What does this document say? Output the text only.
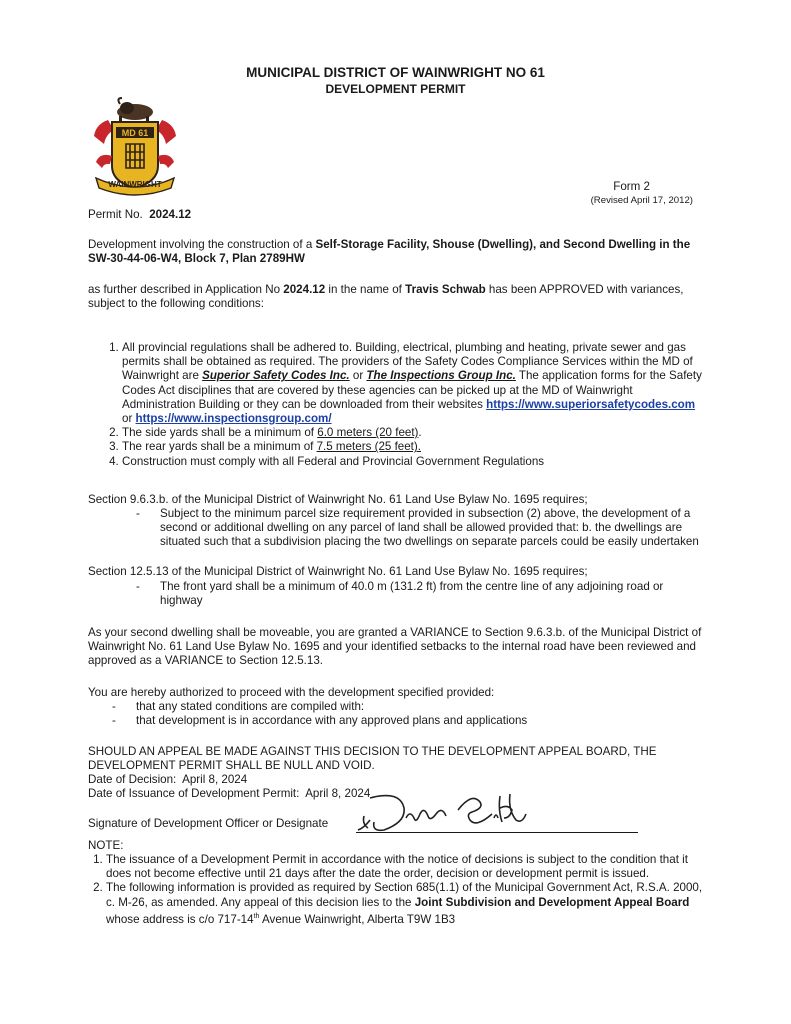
MUNICIPAL DISTRICT OF WAINWRIGHT NO 61
DEVELOPMENT PERMIT
MD 61
WAINWRIGHT	Form 2
(Revised April 17, 2012)
Permit No. 2024.12
Development involving the construction of a Self-Storage Facility, Shouse (Dwelling), and Second Dwelling in the SW-30-44-06-W4, Block 7, Plan 2789HW
as further described in Application No 2024.12 in the name of Travis Schwab has been APPROVED with variances, subject to the following conditions:
1. All provincial regulations shall be adhered to. Building, electrical, plumbing and heating, private sewer and gas permits shall be obtained as required. The providers of the Safety Codes Compliance Services within the MD of Wainwright are Superior Safety Codes Inc. or The Inspections Group Inc. The application forms for the Safety Codes Act disciplines that are covered by these agencies can be picked up at the MD of Wainwright Administration Building or they can be downloaded from their websites https://www.superiorsafetycodes.com or https://www.inspectionsgroup.com/
2. The side yards shall be a minimum of 6.0 meters (20 feet).
3. The rear yards shall be a minimum of 7.5 meters (25 feet).
4. Construction must comply with all Federal and Provincial Government Regulations
Section 9.6.3.b. of the Municipal District of Wainwright No. 61 Land Use Bylaw No. 1695 requires;
- Subject to the minimum parcel size requirement provided in subsection (2) above, the development of a second or additional dwelling on any parcel of land shall be allowed provided that: b. the dwellings are situated such that a subdivision placing the two dwellings on separate parcels could be easily undertaken
Section 12.5.13 of the Municipal District of Wainwright No. 61 Land Use Bylaw No. 1695 requires;
- The front yard shall be a minimum of 40.0 m (131.2 ft) from the centre line of any adjoining road or highway
As your second dwelling shall be moveable, you are granted a VARIANCE to Section 9.6.3.b. of the Municipal District of Wainwright No. 61 Land Use Bylaw No. 1695 and your identified setbacks to the internal road have been reviewed and approved as a VARIANCE to Section 12.5.13.
You are hereby authorized to proceed with the development specified provided:
- that any stated conditions are compiled with:
- that development is in accordance with any approved plans and applications
SHOULD AN APPEAL BE MADE AGAINST THIS DECISION TO THE DEVELOPMENT APPEAL BOARD, THE DEVELOPMENT PERMIT SHALL BE NULL AND VOID.
Date of Decision: April 8, 2024
Date of Issuance of Development Permit: April 8, 2024
Signature of Development Officer or Designate
NOTE:
1. The issuance of a Development Permit in accordance with the notice of decisions is subject to the condition that it does not become effective until 21 days after the date the order, decision or development permit is issued.
2. The following information is provided as required by Section 685(1.1) of the Municipal Government Act, R.S.A. 2000, c. M-26, as amended. Any appeal of this decision lies to the Joint Subdivision and Development Appeal Board whose address is c/o 717-14th Avenue Wainwright, Alberta T9W 1B3
